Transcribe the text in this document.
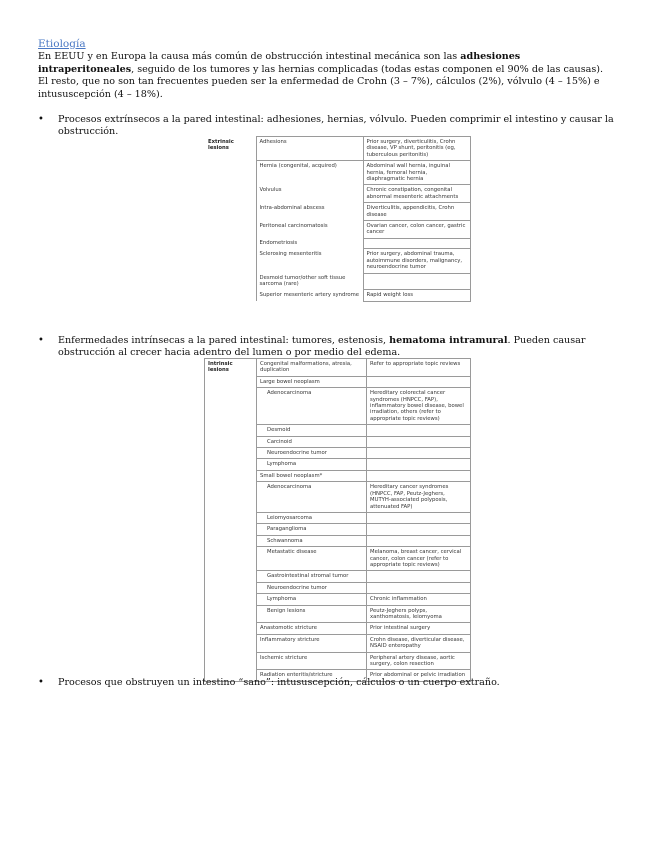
Etiología

En EEUU y en Europa la causa más común de obstrucción intestinal mecánica son las adhesiones intraperitoneales, seguido de los tumores y las hernias complicadas (todas estas componen el 90% de las causas). El resto, que no son tan frecuentes pueden ser la enfermedad de Crohn (3 – 7%), cálculos (2%), vólvulo (4 – 15%) e intususcepción (4 – 18%).

•	Procesos extrínsecos a la pared intestinal: adhesiones, hernias, vólvulo. Pueden comprimir el intestino y causar la obstrucción.
Extrinsic lesions	Adhesions	Prior surgery, diverticulitis, Crohn disease, VP shunt, peritonitis (eg, tuberculous peritonitis)
	Hernia (congenital, acquired)	Abdominal wall hernia, inguinal hernia, femoral hernia, diaphragmatic hernia
	Volvulus	Chronic constipation, congenital abnormal mesenteric attachments
	Intra-abdominal abscess	Diverticulitis, appendicitis, Crohn disease
	Peritoneal carcinomatosis	Ovarian cancer, colon cancer, gastric cancer
	Endometriosis	
	Sclerosing mesenteritis	Prior surgery, abdominal trauma, autoimmune disorders, malignancy, neuroendocrine tumor
	Desmoid tumor/other soft tissue sarcoma (rare)	
	Superior mesenteric artery syndrome	Rapid weight loss
•	Enfermedades intrínsecas a la pared intestinal: tumores, estenosis, hematoma intramural. Pueden causar obstrucción al crecer hacia adentro del lumen o por medio del edema.
Intrinsic lesions	Congenital malformations, atresia, duplication	Refer to appropriate topic reviews
	Large bowel neoplasm	
	Adenocarcinoma	Hereditary colorectal cancer syndromes (HNPCC, FAP), inflammatory bowel disease, bowel irradiation, others (refer to appropriate topic reviews)
	Desmoid	
	Carcinoid	
	Neuroendocrine tumor	
	Lymphoma	
	Small bowel neoplasm*	
	Adenocarcinoma	Hereditary cancer syndromes (HNPCC, FAP, Peutz-Jeghers, MUTYH-associated polyposis, attenuated FAP)
	Leiomyosarcoma	
	Paraganglioma	
	Schwannoma	
	Metastatic disease	Melanoma, breast cancer, cervical cancer, colon cancer (refer to appropriate topic reviews)
	Gastrointestinal stromal tumor	
	Neuroendocrine tumor	
	Lymphoma	Chronic inflammation
	Benign lesions	Peutz-Jeghers polyps, xanthomatosis, leiomyoma
	Anastomotic stricture	Prior intestinal surgery
	Inflammatory stricture	Crohn disease, diverticular disease, NSAID enteropathy
	Ischemic stricture	Peripheral artery disease, aortic surgery, colon resection
	Radiation enteritis/stricture	Prior abdominal or pelvic irradiation
•	Procesos que obstruyen un intestino “sano”: intususcepción, cálculos o un cuerpo extraño.
